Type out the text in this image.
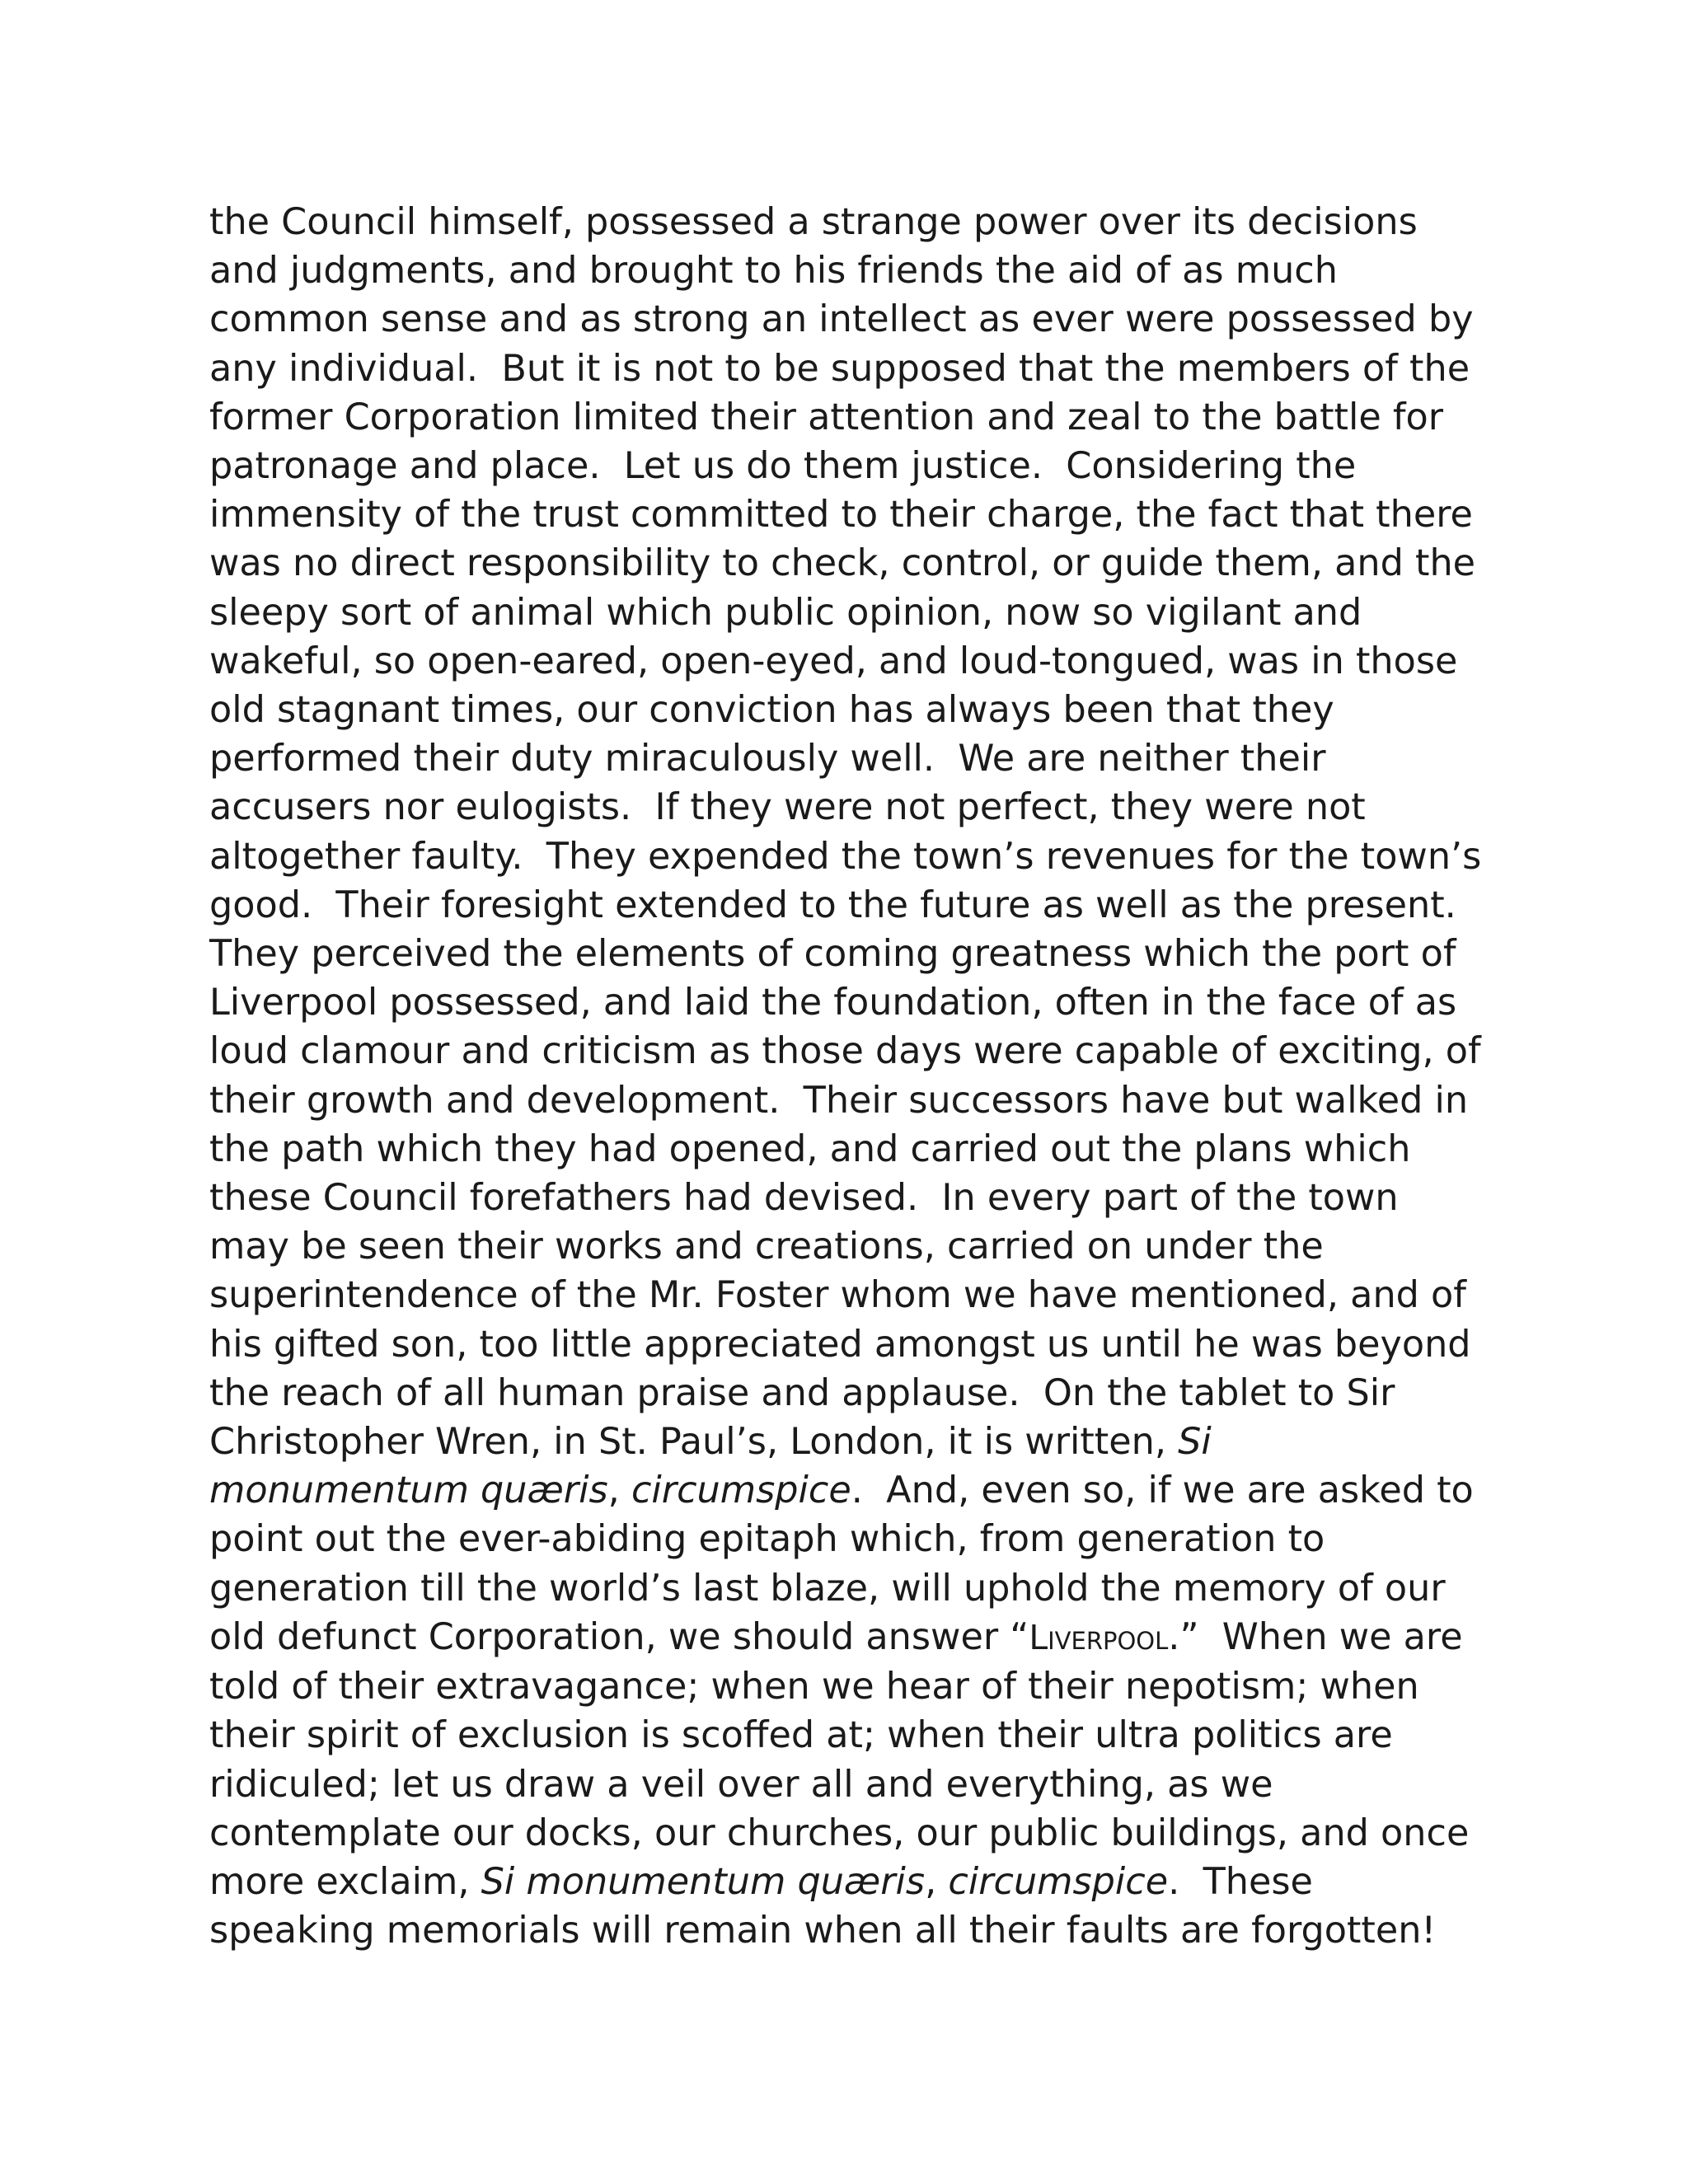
the Council himself, possessed a strange power over its decisions
and judgments, and brought to his friends the aid of as much
common sense and as strong an intellect as ever were possessed by
any individual.  But it is not to be supposed that the members of the
former Corporation limited their attention and zeal to the battle for
patronage and place.  Let us do them justice.  Considering the
immensity of the trust committed to their charge, the fact that there
was no direct responsibility to check, control, or guide them, and the
sleepy sort of animal which public opinion, now so vigilant and
wakeful, so open-eared, open-eyed, and loud-tongued, was in those
old stagnant times, our conviction has always been that they
performed their duty miraculously well.  We are neither their
accusers nor eulogists.  If they were not perfect, they were not
altogether faulty.  They expended the town’s revenues for the town’s
good.  Their foresight extended to the future as well as the present.
They perceived the elements of coming greatness which the port of
Liverpool possessed, and laid the foundation, often in the face of as
loud clamour and criticism as those days were capable of exciting, of
their growth and development.  Their successors have but walked in
the path which they had opened, and carried out the plans which
these Council forefathers had devised.  In every part of the town
may be seen their works and creations, carried on under the
superintendence of the Mr. Foster whom we have mentioned, and of
his gifted son, too little appreciated amongst us until he was beyond
the reach of all human praise and applause.  On the tablet to Sir
Christopher Wren, in St. Paul’s, London, it is written, Si
monumentum quæris, circumspice.  And, even so, if we are asked to
point out the ever-abiding epitaph which, from generation to
generation till the world’s last blaze, will uphold the memory of our
old defunct Corporation, we should answer “Liverpool.”  When we are
told of their extravagance; when we hear of their nepotism; when
their spirit of exclusion is scoffed at; when their ultra politics are
ridiculed; let us draw a veil over all and everything, as we
contemplate our docks, our churches, our public buildings, and once
more exclaim, Si monumentum quæris, circumspice.  These
speaking memorials will remain when all their faults are forgotten!
